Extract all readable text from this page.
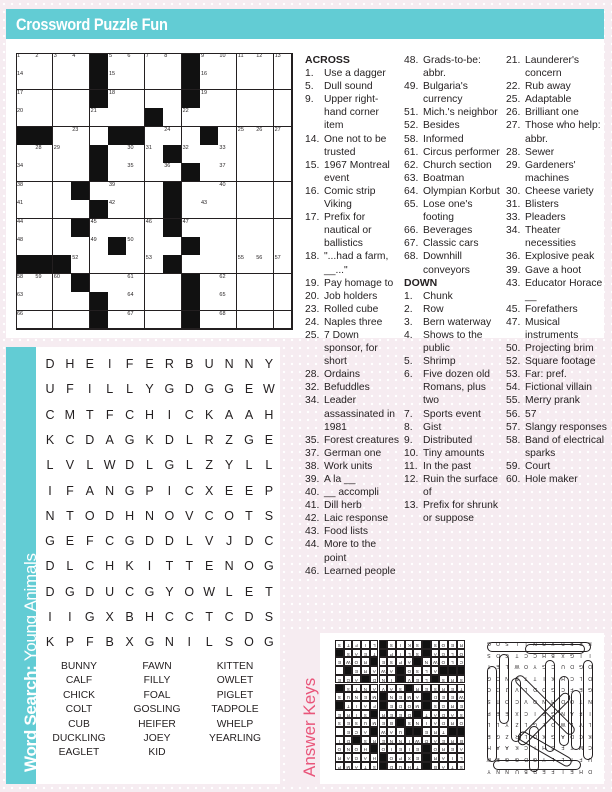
Crossword Puzzle Fun
1	2	3	4	5	6	7	8	9	10 11 12 13
14	15	16
17	18	19
20	21	22
23	24	25 26 27
28 29	30 31	32	33
34	35	36	37
38	39	40
41	42	43
44	45	46	47
48	49	50
52	53	55 56 57
58 59 60	61	62
63	64	65
66	67	68
ACROSS
1.	Use a dagger
5.	Dull sound
9.	Upper right-hand corner item
14. One not to be trusted
15. 1967 Montreal event
16. Comic strip Viking
17. Prefix for nautical or ballistics
18. "...had a farm, __..."
19. Pay homage to
20. Job holders
23. Rolled cube
24. Naples three
25. 7 Down sponsor, for short
28. Ordains
32. Befuddles
34. Leader assassinated in 1981
35. Forest creatures
37. German one
38. Work units
39. A la __
40. __ accompli
41. Dill herb
42. Laic response
43. Food lists
44. More to the point
46. Learned people
48. Grads-to-be: abbr.
49. Bulgaria's currency
51. Mich.'s neighbor
52. Besides
58. Informed
61. Circus performer
62. Church section
63. Boatman
64. Olympian Korbut
65. Lose one's footing
66. Beverages
67. Classic cars
68. Downhill conveyors
DOWN
1.	Chunk
2.	Row
3.	Bern waterway
4.	Shows to the public
5.	Shrimp
6.	Five dozen old Romans, plus two
7.	Sports event
8.	Gist
9.	Distributed
10. Tiny amounts
11. In the past
12. Ruin the surface of
13. Prefix for shrunk or suppose
21. Launderer's concern
22. Rub away
25. Adaptable
26. Brilliant one
27. Those who help: abbr.
28. Sewer
29. Gardeners' machines
30. Cheese variety
31. Blisters
33. Pleaders
34. Theater necessities
36. Explosive peak
39. Gave a hoot
43. Educator Horace __
45. Forefathers
47. Musical instruments
50. Projecting brim
52. Square footage
53. Far: pref.
54. Fictional villain
55. Merry prank
56. 57
57. Slangy responses
58. Band of electrical sparks
59. Court
60. Hole maker
Word Search: Young Animals
D H E	I	F E R B U N N Y
U F	I	L	L Y G D G G E W
C M T F C H	I	C K A A H
K C D A G K D L R Z G E
L V L W D L G L	Z Y L	L
I	F A N G P	I	C X E E P
N T O D H N O V C O T S
G E F C G D D L V	J D C
D L C H K	I	T T E N O G
D G D U C G Y O W L E T
I	I	G X B H C C T C D S
K P F B X G N	I	L S O G
BUNNY
CALF
CHICK
COLT
CUB
DUCKLING
EAGLET
FAWN
FILLY
FOAL
GOSLING
HEIFER
JOEY
KID
KITTEN
OWLET
PIGLET
TADPOLE
WHELP
YEARLING	Answer Keys	S
T
A
B
T
H
U
D
S
T
A
M
P
L
I
A
R
E
X
P
O
H
A
G
A
R
A
E
R
O
E
I
E
I
O
H
O
N
O
B
R
E
A
D
W
I
N
N
E
R
S
D
I
T
R
E
U
A
W
A
C
E
O
R
D
A
I
N
S
B
E
M
U
S
E
S
S
A
D
A
T
D
E
E
R
S
I
R
E
E
R
G
S
M
O
D
E
F
A
I
T
W
E
E
D
A
M
E
N
M
E
N
U
S
T
E
R
S
E
R
S
A
V
A
N
T
S
S
R
S
L
E
V
I
N
D
A
G
E
A
L
S
O
A
W
A
R
E
C
L
O
W
N
A
P
S
E
R
O
W
E
O
L
G
A
S
L
I
P
T
E
A
S
R
E
O
S
S
K
I
S
L
I
F
T
S
D
H
E
I
F
E
R
B
U
N
N
Y
U
F
I
L
L
Y
G
D
G
G
E
W
C
M
T
F
C
H
I
C
K
A
A
H
K
C
D
A
G
K
D
L
R
Z
G
E
L
V
L
W
D
L
G
L
Z
Y
L
L
I
F
A
N
G
P
I
C
X
E
E
P
N
T
O
D
H
N
O
V
C
O
T
S
G
E
F
C
G
D
D
L
V
J
D
C
D
L
C
H
K
I
T
T
E
N
O
G
D
G
D
U
C
G
Y
O
W
L
E
T
I
I
G
X
B
H
C
C
T
C
D
S
K
P
F
B
X
G
N
I
L
S
O
G
